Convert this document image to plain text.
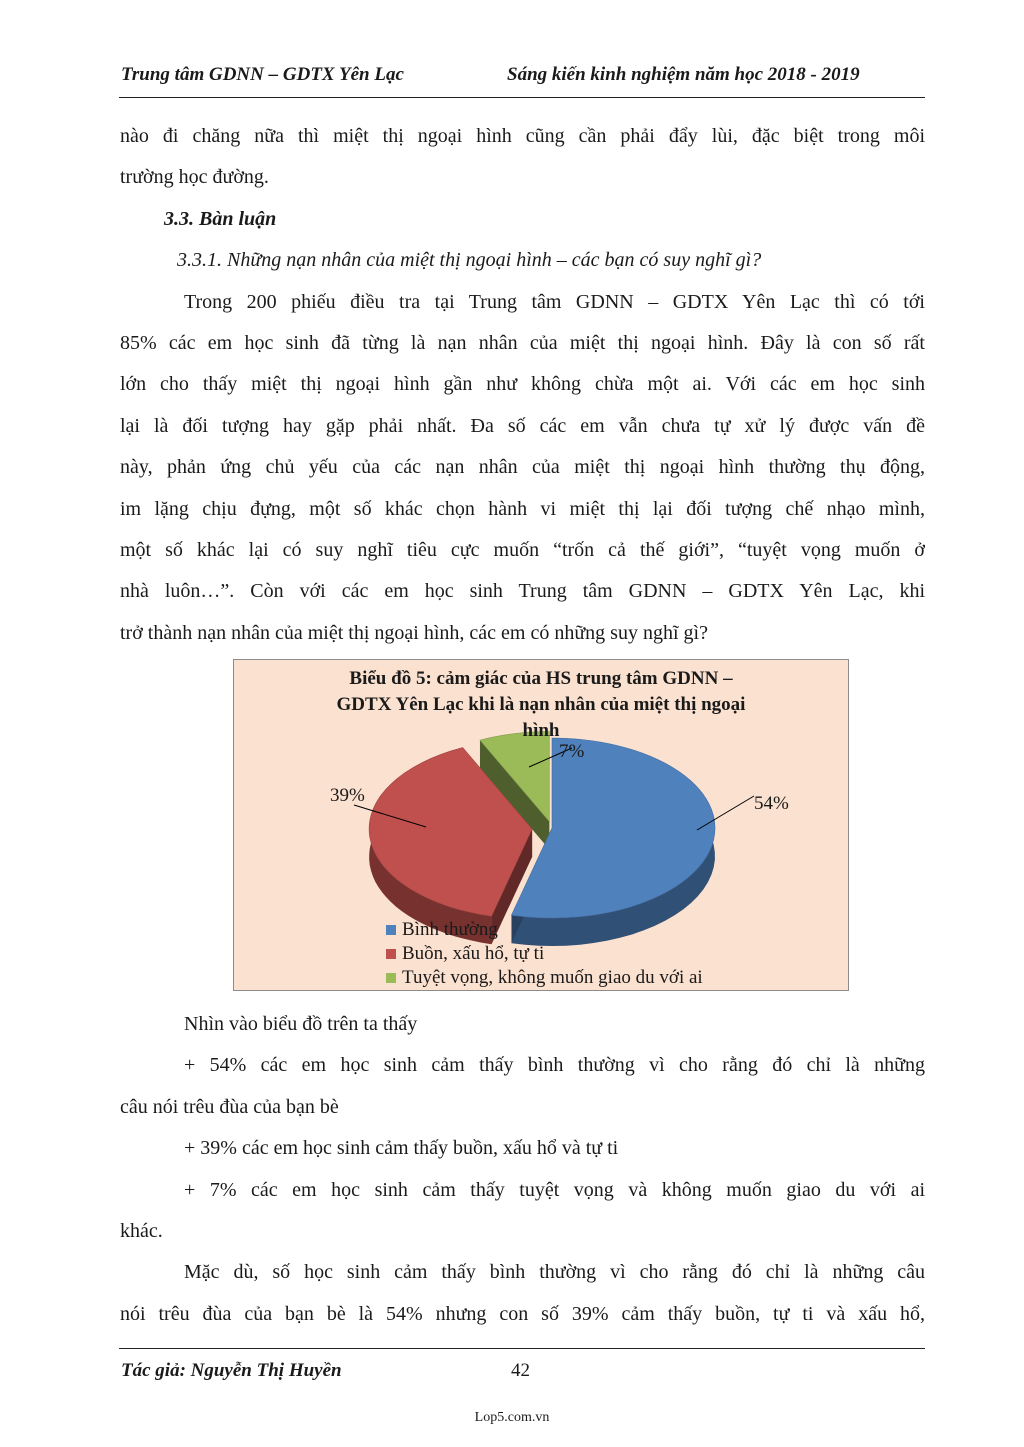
Trung tâm GDNN – GDTX Yên Lạc	Sáng kiến kinh nghiệm năm học 2018 - 2019
nào đi chăng nữa thì miệt thị ngoại hình cũng cần phải đẩy lùi, đặc biệt trong môi
trường học đường.
3.3. Bàn luận
3.3.1. Những nạn nhân của miệt thị ngoại hình – các bạn có suy nghĩ gì?
Trong 200 phiếu điều tra tại Trung tâm GDNN – GDTX Yên Lạc thì có tới
85% các em học sinh đã từng là nạn nhân của miệt thị ngoại hình. Đây là con số rất
lớn cho thấy miệt thị ngoại hình gần như không chừa một ai. Với các em học sinh
lại là đối tượng hay gặp phải nhất. Đa số các em vẫn chưa tự xử lý được vấn đề
này, phản ứng chủ yếu của các nạn nhân của miệt thị ngoại hình thường thụ động,
im lặng chịu đựng, một số khác chọn hành vi miệt thị lại đối tượng chế nhạo mình,
một số khác lại có suy nghĩ tiêu cực muốn “trốn cả thế giới”, “tuyệt vọng muốn ở
nhà luôn…”. Còn với các em học sinh Trung tâm GDNN – GDTX Yên Lạc, khi
trở thành nạn nhân của miệt thị ngoại hình, các em có những suy nghĩ gì?
Biểu đồ 5: cảm giác của HS trung tâm GDNN –
GDTX Yên Lạc khi là nạn nhân của miệt thị ngoại
hình
54%
39%
7%
Bình thường
Buồn, xấu hổ, tự ti
Tuyệt vọng, không muốn giao du với ai
Nhìn vào biểu đồ trên ta thấy
+ 54% các em học sinh cảm thấy bình thường vì cho rằng đó chỉ là những
câu nói trêu đùa của bạn bè
+ 39% các em học sinh cảm thấy buồn, xấu hổ và tự ti
+ 7% các em học sinh cảm thấy tuyệt vọng và không muốn giao du với ai
khác.
Mặc dù, số học sinh cảm thấy bình thường vì cho rằng đó chỉ là những câu
nói trêu đùa của bạn bè là 54% nhưng con số 39% cảm thấy buồn, tự ti và xấu hổ,
Tác giả: Nguyễn Thị Huyền	42
Lop5.com.vn
